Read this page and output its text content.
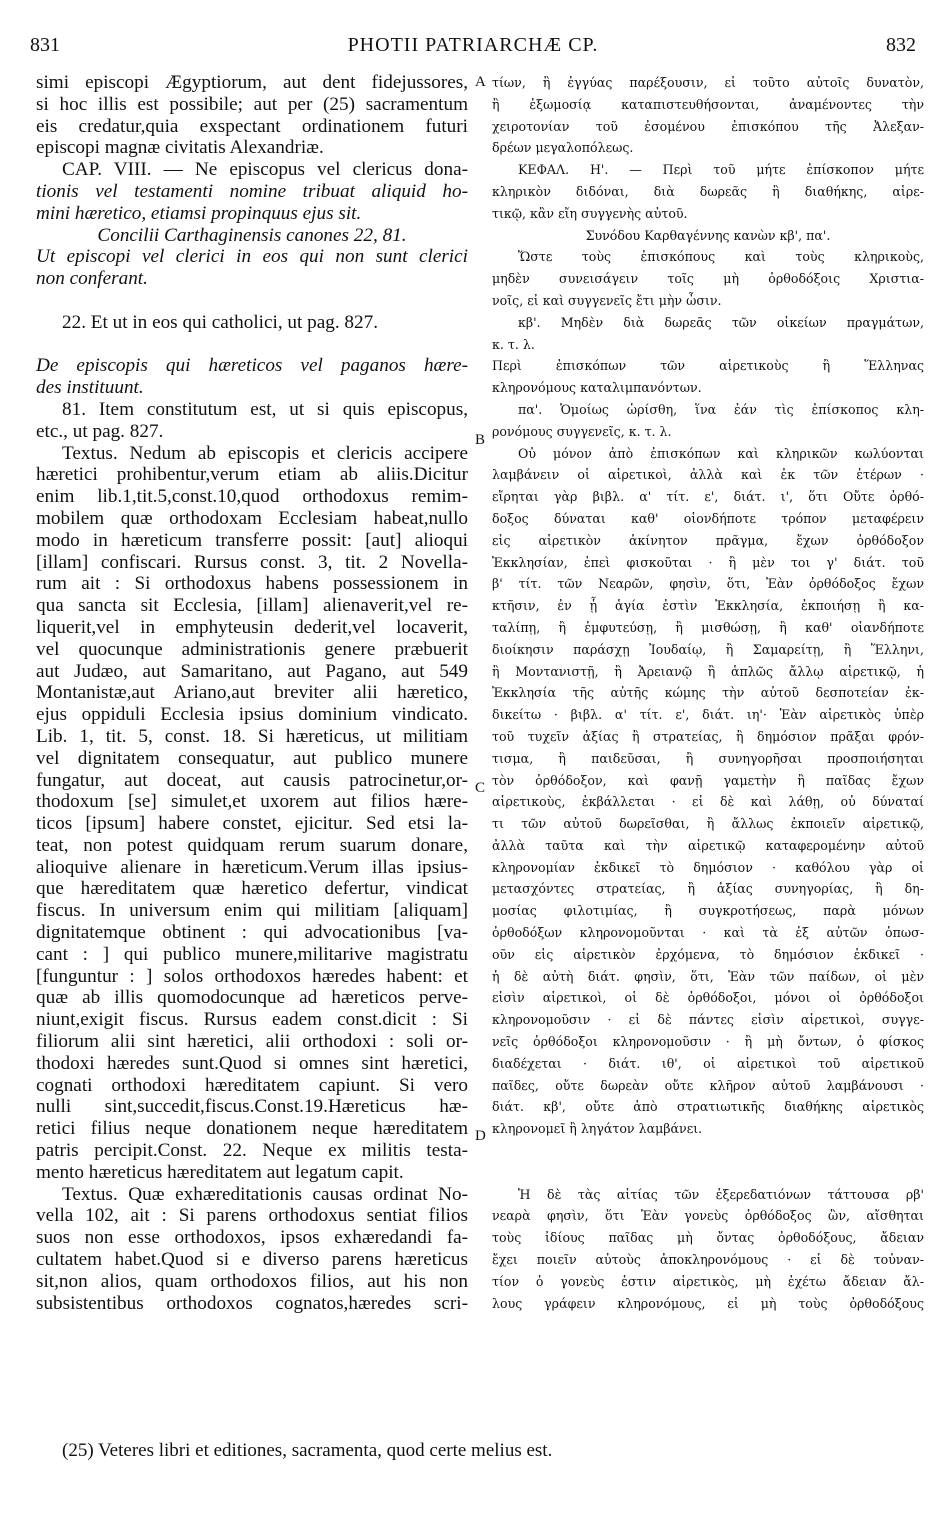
831	PHOTII PATRIARCHÆ CP.	832
simi episcopi Ægyptiorum, aut dent fidejussores,
si hoc illis est possibile; aut per (25) sacramentum
eis credatur,quia exspectant ordinationem futuri
episcopi magnæ civitatis Alexandriæ.
CAP. VIII. — Ne episcopus vel clericus dona-
tionis vel testamenti nomine tribuat aliquid ho-
mini hæretico, etiamsi propinquus ejus sit.
Concilii Carthaginensis canones 22, 81.
Ut episcopi vel clerici in eos qui non sunt clerici
non conferant.

22. Et ut in eos qui catholici, ut pag. 827.

De episcopis qui hæreticos vel paganos hære-
des instituunt.
81. Item constitutum est, ut si quis episcopus,
etc., ut pag. 827.
Textus. Nedum ab episcopis et clericis accipere
hæretici prohibentur,verum etiam ab aliis.Dicitur
enim lib.1,tit.5,const.10,quod orthodoxus remim-
mobilem quæ orthodoxam Ecclesiam habeat,nullo
modo in hæreticum transferre possit: [aut] alioqui
[illam] confiscari. Rursus const. 3, tit. 2 Novella-
rum ait : Si orthodoxus habens possessionem in
qua sancta sit Ecclesia, [illam] alienaverit,vel re-
liquerit,vel in emphyteusin dederit,vel locaverit,
vel quocunque administrationis genere præbuerit
aut Judæo, aut Samaritano, aut Pagano, aut 549
Montanistæ,aut Ariano,aut breviter alii hæretico,
ejus oppiduli Ecclesia ipsius dominium vindicato.
Lib. 1, tit. 5, const. 18. Si hæreticus, ut militiam
vel dignitatem consequatur, aut publico munere
fungatur, aut doceat, aut causis patrocinetur,or-
thodoxum [se] simulet,et uxorem aut filios hære-
ticos [ipsum] habere constet, ejicitur. Sed etsi la-
teat, non potest quidquam rerum suarum donare,
alioquive alienare in hæreticum.Verum illas ipsius-
que hæreditatem quæ hæretico defertur, vindicat
fiscus. In universum enim qui militiam [aliquam]
dignitatemque obtinent : qui advocationibus [va-
cant : ] qui publico munere,militarive magistratu
[funguntur : ] solos orthodoxos hæredes habent: et
quæ ab illis quomodocunque ad hæreticos perve-
niunt,exigit fiscus. Rursus eadem const.dicit : Si
filiorum alii sint hæretici, alii orthodoxi : soli or-
thodoxi hæredes sunt.Quod si omnes sint hæretici,
cognati orthodoxi hæreditatem capiunt. Si vero
nulli sint,succedit,fiscus.Const.19.Hæreticus hæ-
retici filius neque donationem neque hæreditatem
patris percipit.Const. 22. Neque ex militis testa-
mento hæreticus hæreditatem aut legatum capit.
Textus. Quæ exhæreditationis causas ordinat No-
vella 102, ait : Si parens orthodoxus sentiat filios
suos non esse orthodoxos, ipsos exhæredandi fa-
cultatem habet.Quod si e diverso parens hæreticus
sit,non alios, quam orthodoxos filios, aut his non
subsistentibus orthodoxos cognatos,hæredes scri-
τίων, ἢ ἐγγύας παρέξουσιν, εἰ τοῦτο αὐτοῖς δυνατὸν,
ἢ ἐξωμοσίᾳ καταπιστευθήσονται, ἀναμένοντες τὴν
χειροτονίαν τοῦ ἐσομένου ἐπισκόπου τῆς Ἀλεξαν-
δρέων μεγαλοπόλεως.
ΚΕΦΑΛ. Η'. — Περὶ τοῦ μήτε ἐπίσκοπον μήτε
κληρικὸν διδόναι, διὰ δωρεᾶς ἢ διαθήκης, αἱρε-
τικῷ, κἂν εἴη συγγενὴς αὐτοῦ.
Συνόδου Καρθαγέννης κανὼν κβ', πα'.
Ὥστε τοὺς ἐπισκόπους καὶ τοὺς κληρικοὺς,
μηδὲν συνεισάγειν τοῖς μὴ ὀρθοδόξοις Χριστια-
νοῖς, εἰ καὶ συγγενεῖς ἔτι μὴν ὦσιν.
κβ'. Μηδὲν διὰ δωρεᾶς τῶν οἰκείων πραγμάτων,
κ. τ. λ.
Περὶ ἐπισκόπων τῶν αἱρετικοὺς ἢ Ἕλληνας
κληρονόμους καταλιμπανόντων.
πα'. Ὁμοίως ὡρίσθη, ἵνα ἐάν τὶς ἐπίσκοπος κλη-
ρονόμους συγγενεῖς, κ. τ. λ.
Οὐ μόνον ἀπὸ ἐπισκόπων καὶ κληρικῶν κωλύονται
λαμβάνειν οἱ αἱρετικοὶ, ἀλλὰ καὶ ἐκ τῶν ἑτέρων ·
εἴρηται γὰρ βιβλ. α' τίτ. ε', διάτ. ι', ὅτι Οὔτε ὀρθό-
δοξος δύναται καθ' οἱονδήποτε τρόπον μεταφέρειν
εἰς αἱρετικὸν ἀκίνητον πρᾶγμα, ἔχων ὀρθόδοξον
Ἐκκλησίαν, ἐπεὶ φισκοῦται · ἢ μὲν τοι γ' διάτ. τοῦ
β' τίτ. τῶν Νεαρῶν, φησὶν, ὅτι, Ἐὰν ὀρθόδοξος ἔχων
κτῆσιν, ἐν ᾗ ἁγία ἐστὶν Ἐκκλησία, ἐκποιήσῃ ἢ κα-
ταλίπῃ, ἢ ἐμφυτεύσῃ, ἢ μισθώσῃ, ἢ καθ' οἱανδήποτε
διοίκησιν παράσχῃ Ἰουδαίῳ, ἢ Σαμαρείτῃ, ἢ Ἕλληνι,
ἢ Μοντανιστῇ, ἢ Ἀρειανῷ ἢ ἁπλῶς ἄλλῳ αἱρετικῷ, ἡ
Ἐκκλησία τῆς αὐτῆς κώμης τὴν αὐτοῦ δεσποτείαν ἐκ-
δικείτω · βιβλ. α' τίτ. ε', διάτ. ιη'· Ἐὰν αἱρετικὸς ὑπὲρ
τοῦ τυχεῖν ἀξίας ἢ στρατείας, ἢ δημόσιον πρᾶξαι φρόν-
τισμα, ἢ παιδεῦσαι, ἢ συνηγορῆσαι προσποιήσηται
τὸν ὀρθόδοξον, καὶ φανῇ γαμετὴν ἢ παῖδας ἔχων
αἱρετικοὺς, ἐκβάλλεται · εἰ δὲ καὶ λάθῃ, οὐ δύναταί
τι τῶν αὐτοῦ δωρεῖσθαι, ἢ ἄλλως ἐκποιεῖν αἱρετικῷ,
ἀλλὰ ταῦτα καὶ τὴν αἱρετικῷ καταφερομένην αὐτοῦ
κληρονομίαν ἐκδικεῖ τὸ δημόσιον · καθόλου γὰρ οἱ
μετασχόντες στρατείας, ἢ ἀξίας συνηγορίας, ἢ δη-
μοσίας φιλοτιμίας, ἢ συγκροτήσεως, παρὰ μόνων
ὀρθοδόξων κληρονομοῦνται · καὶ τὰ ἐξ αὐτῶν ὁπωσ-
οῦν εἰς αἱρετικὸν ἐρχόμενα, τὸ δημόσιον ἐκδικεῖ ·
ἡ δὲ αὐτὴ διάτ. φησὶν, ὅτι, Ἐὰν τῶν παίδων, οἱ μὲν
εἰσὶν αἱρετικοὶ, οἱ δὲ ὀρθόδοξοι, μόνοι οἱ ὀρθόδοξοι
κληρονομοῦσιν · εἰ δὲ πάντες εἰσὶν αἱρετικοὶ, συγγε-
νεῖς ὀρθόδοξοι κληρονομοῦσιν · ἢ μὴ ὄντων, ὁ φίσκος
διαδέχεται · διάτ. ιθ', οἱ αἱρετικοὶ τοῦ αἱρετικοῦ
παῖδες, οὔτε δωρεὰν οὔτε κλῆρον αὐτοῦ λαμβάνουσι ·
διάτ. κβ', οὔτε ἀπὸ στρατιωτικῆς διαθήκης αἱρετικὸς
κληρονομεῖ ἢ ληγάτον λαμβάνει.

Ἡ δὲ τὰς αἰτίας τῶν ἐξερεδατιόνων τάττουσα ρβ'
νεαρὰ φησὶν, ὅτι Ἐὰν γονεὺς ὀρθόδοξος ὢν, αἴσθηται
τοὺς ἰδίους παῖδας μὴ ὄντας ὀρθοδόξους, ἄδειαν
ἔχει ποιεῖν αὐτοὺς ἀποκληρονόμους · εἰ δὲ τοὐναν-
τίον ὁ γονεὺς ἐστιν αἱρετικὸς, μὴ ἐχέτω ἄδειαν ἄλ-
λους γράφειν κληρονόμους, εἰ μὴ τοὺς ὀρθοδόξους
A
B
C
D
(25) Veteres libri et editiones, sacramenta, quod certe melius est.
